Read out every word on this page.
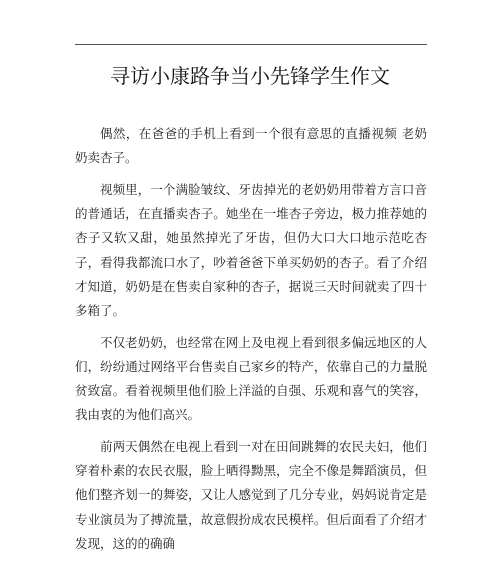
寻访小康路争当小先锋学生作文

偶然，在爸爸的手机上看到一个很有意思的直播视频 老奶奶卖杏子。

视频里，一个满脸皱纹、牙齿掉光的老奶奶用带着方言口音的普通话，在直播卖杏子。她坐在一堆杏子旁边，极力推荐她的杏子又软又甜，她虽然掉光了牙齿，但仍大口大口地示范吃杏子，看得我都流口水了，吵着爸爸下单买奶奶的杏子。看了介绍才知道，奶奶是在售卖自家种的杏子，据说三天时间就卖了四十多箱了。

不仅老奶奶，也经常在网上及电视上看到很多偏远地区的人们，纷纷通过网络平台售卖自己家乡的特产，依靠自己的力量脱贫致富。看着视频里他们脸上洋溢的自强、乐观和喜气的笑容，我由衷的为他们高兴。

前两天偶然在电视上看到一对在田间跳舞的农民夫妇，他们穿着朴素的农民衣服，脸上晒得黝黑，完全不像是舞蹈演员，但他们整齐划一的舞姿，又让人感觉到了几分专业，妈妈说肯定是专业演员为了搏流量，故意假扮成农民模样。但后面看了介绍才发现，这的的确确
